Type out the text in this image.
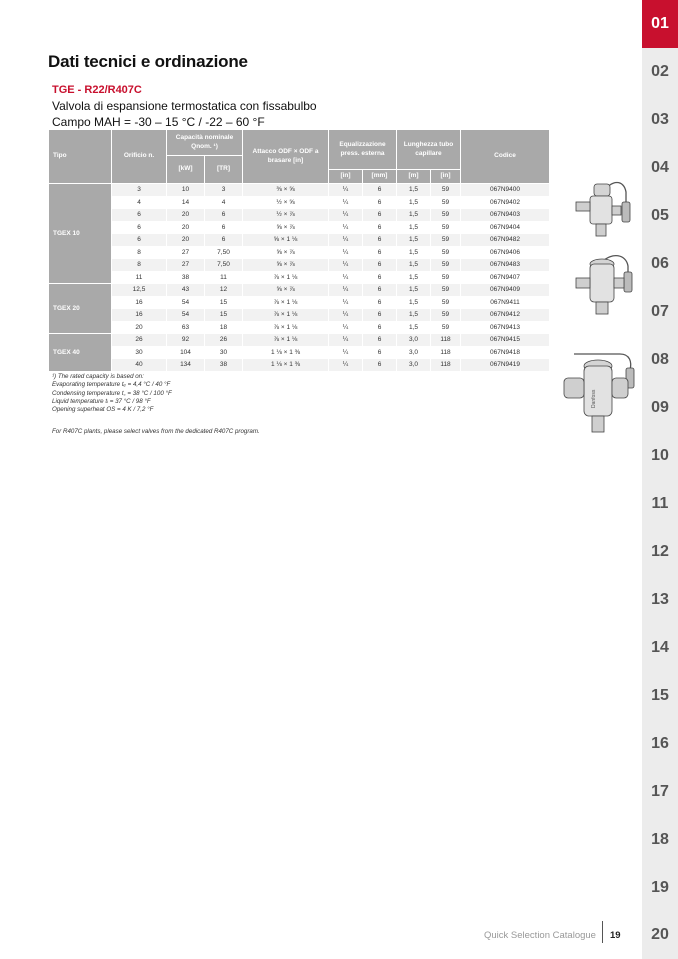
Dati tecnici e ordinazione
TGE - R22/R407C
Valvola di espansione termostatica con fissabulbo
Campo MAH = -30 – 15 °C / -22 – 60 °F
Tipo	Orificio n.	Capacità nominale
Qnom. ¹)		Attacco ODF × ODF a brasare [in]	Equalizzazione press. esterna		Lunghezza tubo capillare		Codice
		[kW]	[TR]						
					[in]	[mm]	[m]	[in]	
TGEX 10	3	10	3	⅜ × ⅝	¼	6	1,5	59	067N9400
	4	14	4	½ × ⅝	¼	6	1,5	59	067N9402
	6	20	6	½ × ⅞	¼	6	1,5	59	067N9403
	6	20	6	⅝ × ⅞	¼	6	1,5	59	067N9404
	6	20	6	⅝ × 1 ⅛	¼	6	1,5	59	067N9482
	8	27	7,50	⅝ × ⅞	¼	6	1,5	59	067N9406
	8	27	7,50	⅝ × ⅞	¼	6	1,5	59	067N9483
	11	38	11	⅞ × 1 ⅛	¼	6	1,5	59	067N9407
TGEX 20	12,5	43	12	⅝ × ⅞	¼	6	1,5	59	067N9409
	16	54	15	⅞ × 1 ⅛	¼	6	1,5	59	067N9411
	16	54	15	⅞ × 1 ⅛	¼	6	1,5	59	067N9412
	20	63	18	⅞ × 1 ⅛	¼	6	1,5	59	067N9413
TGEX 40	26	92	26	⅞ × 1 ⅛	¼	6	3,0	118	067N9415
	30	104	30	1 ⅛ × 1 ⅜	¼	6	3,0	118	067N9418
	40	134	38	1 ⅛ × 1 ⅜	¼	6	3,0	118	067N9419
¹) The rated capacity is based on:
Evaporating temperature tₑ = 4,4 °C / 40 °F
Condensing temperature t꜀ = 38 °C / 100 °F
Liquid temperature tₗ = 37 °C / 98 °F
Opening superheat OS = 4 K / 7,2 °F
For R407C plants, please select valves from the dedicated R407C program.
Danfoss
01
02
03
04
05
06
07
08
09
10
11
12
13
14
15
16
17
18
19
20
Quick Selection Catalogue 19
